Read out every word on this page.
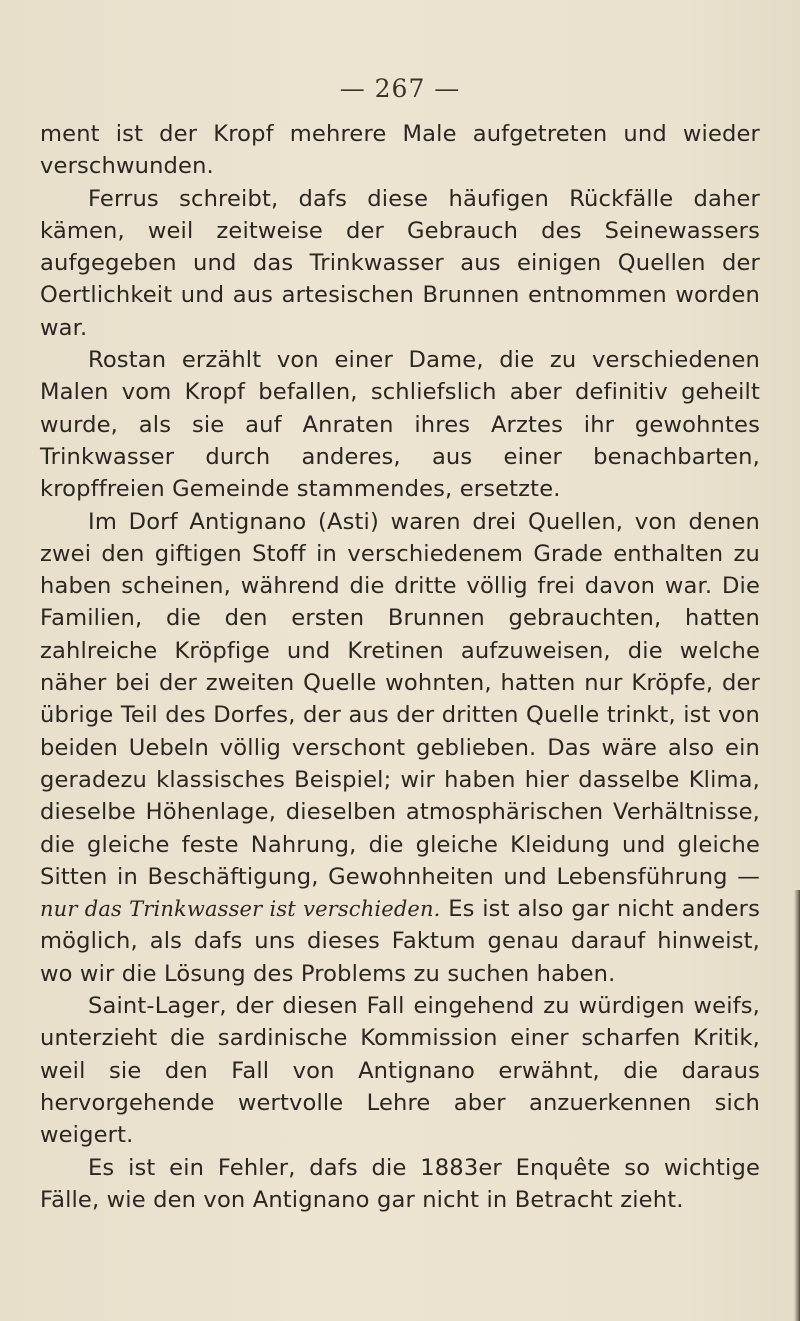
— 267 —

ment ist der Kropf mehrere Male aufgetreten und wieder verschwunden.

Ferrus schreibt, dafs diese häufigen Rückfälle daher kämen, weil zeitweise der Gebrauch des Seinewassers aufgegeben und das Trinkwasser aus einigen Quellen der Oertlichkeit und aus artesischen Brunnen entnommen worden war.

Rostan erzählt von einer Dame, die zu verschiedenen Malen vom Kropf befallen, schliefslich aber definitiv geheilt wurde, als sie auf Anraten ihres Arztes ihr gewohntes Trinkwasser durch anderes, aus einer benachbarten, kropffreien Gemeinde stammendes, ersetzte.

Im Dorf Antignano (Asti) waren drei Quellen, von denen zwei den giftigen Stoff in verschiedenem Grade enthalten zu haben scheinen, während die dritte völlig frei davon war. Die Familien, die den ersten Brunnen gebrauchten, hatten zahlreiche Kröpfige und Kretinen aufzuweisen, die welche näher bei der zweiten Quelle wohnten, hatten nur Kröpfe, der übrige Teil des Dorfes, der aus der dritten Quelle trinkt, ist von beiden Uebeln völlig verschont geblieben. Das wäre also ein geradezu klassisches Beispiel; wir haben hier dasselbe Klima, dieselbe Höhenlage, dieselben atmosphärischen Verhältnisse, die gleiche feste Nahrung, die gleiche Kleidung und gleiche Sitten in Beschäftigung, Gewohnheiten und Lebensführung — nur das Trinkwasser ist verschieden. Es ist also gar nicht anders möglich, als dafs uns dieses Faktum genau darauf hinweist, wo wir die Lösung des Problems zu suchen haben.

Saint-Lager, der diesen Fall eingehend zu würdigen weifs, unterzieht die sardinische Kommission einer scharfen Kritik, weil sie den Fall von Antignano erwähnt, die daraus hervorgehende wertvolle Lehre aber anzuerkennen sich weigert.

Es ist ein Fehler, dafs die 1883er Enquête so wichtige Fälle, wie den von Antignano gar nicht in Betracht zieht.
